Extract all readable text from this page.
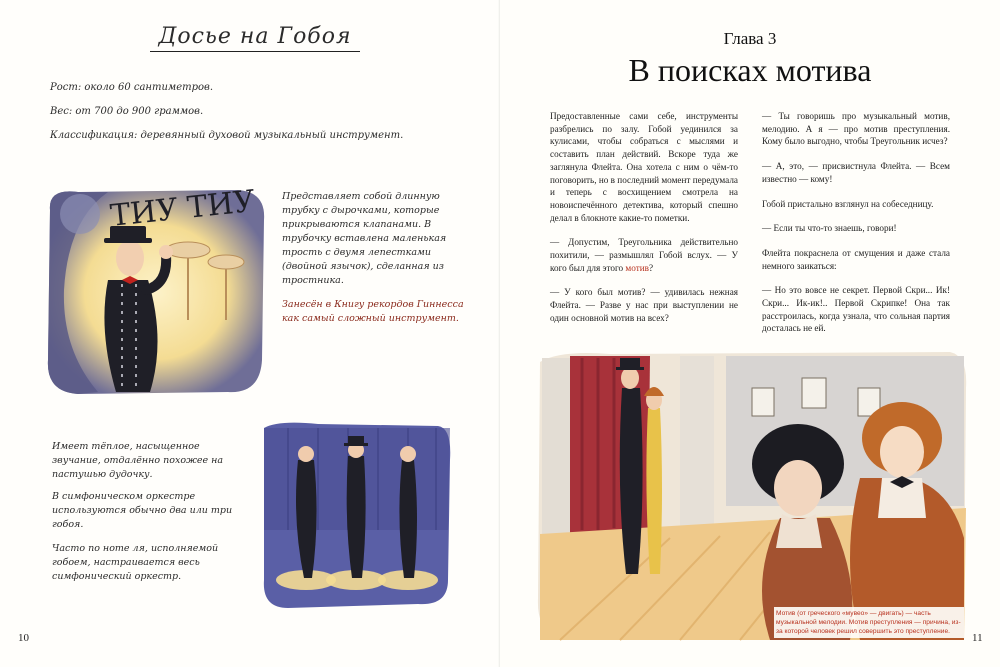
Досье на Гобоя
Рост: около 60 сантиметров.
Вес: от 700 до 900 граммов.
Классификация: деревянный духовой музыкальный инструмент.
ТИУ ТИУ	Представляет собой длинную трубку с дырочками, которые прикрываются клапанами. В трубочку вставлена маленькая трость с двумя лепестками (двойной язычок), сделанная из тростника.
Занесён в Книгу рекордов Гиннесса как самый сложный инструмент.
Имеет тёплое, насыщенное звучание, отдалённо похожее на пастушью дудочку.
В симфоническом оркестре используются обычно два или три гобоя.
Часто по ноте ля, исполняемой гобоем, настраивается весь симфонический оркестр.
10
Глава 3
В поисках мотива

Предоставленные сами себе, инструменты разбрелись по залу. Гобой уединился за кулисами, чтобы собраться с мыслями и составить план действий. Вскоре туда же заглянула Флейта. Она хотела с ним о чём-то поговорить, но в последний момент передумала и теперь с восхищением смотрела на новоиспечённого детектива, который спешно делал в блокноте какие-то пометки.

— Допустим, Треугольника действительно похитили, — размышлял Гобой вслух. — У кого был для этого мотив?

— У кого был мотив? — удивилась нежная Флейта. — Разве у нас при выступлении не один основной мотив на всех?

— Ты говоришь про музыкальный мотив, мелодию. А я — про мотив преступления. Кому было выгодно, чтобы Треугольник исчез?

— А, это, — присвистнула Флейта. — Всем известно — кому!

Гобой пристально взглянул на собеседницу.

— Если ты что-то знаешь, говори!

Флейта покраснела от смущения и даже стала немного заикаться:

— Но это вовсе не секрет. Первой Скри... Ик! Скри... Ик-ик!.. Первой Скрипке! Она так расстроилась, когда узнала, что сольная партия досталась не ей.

Мотив (от греческого «мувео» — двигать) — часть музыкальной мелодии. Мотив преступления — причина, из-за которой человек решил совершить это преступление.
11
